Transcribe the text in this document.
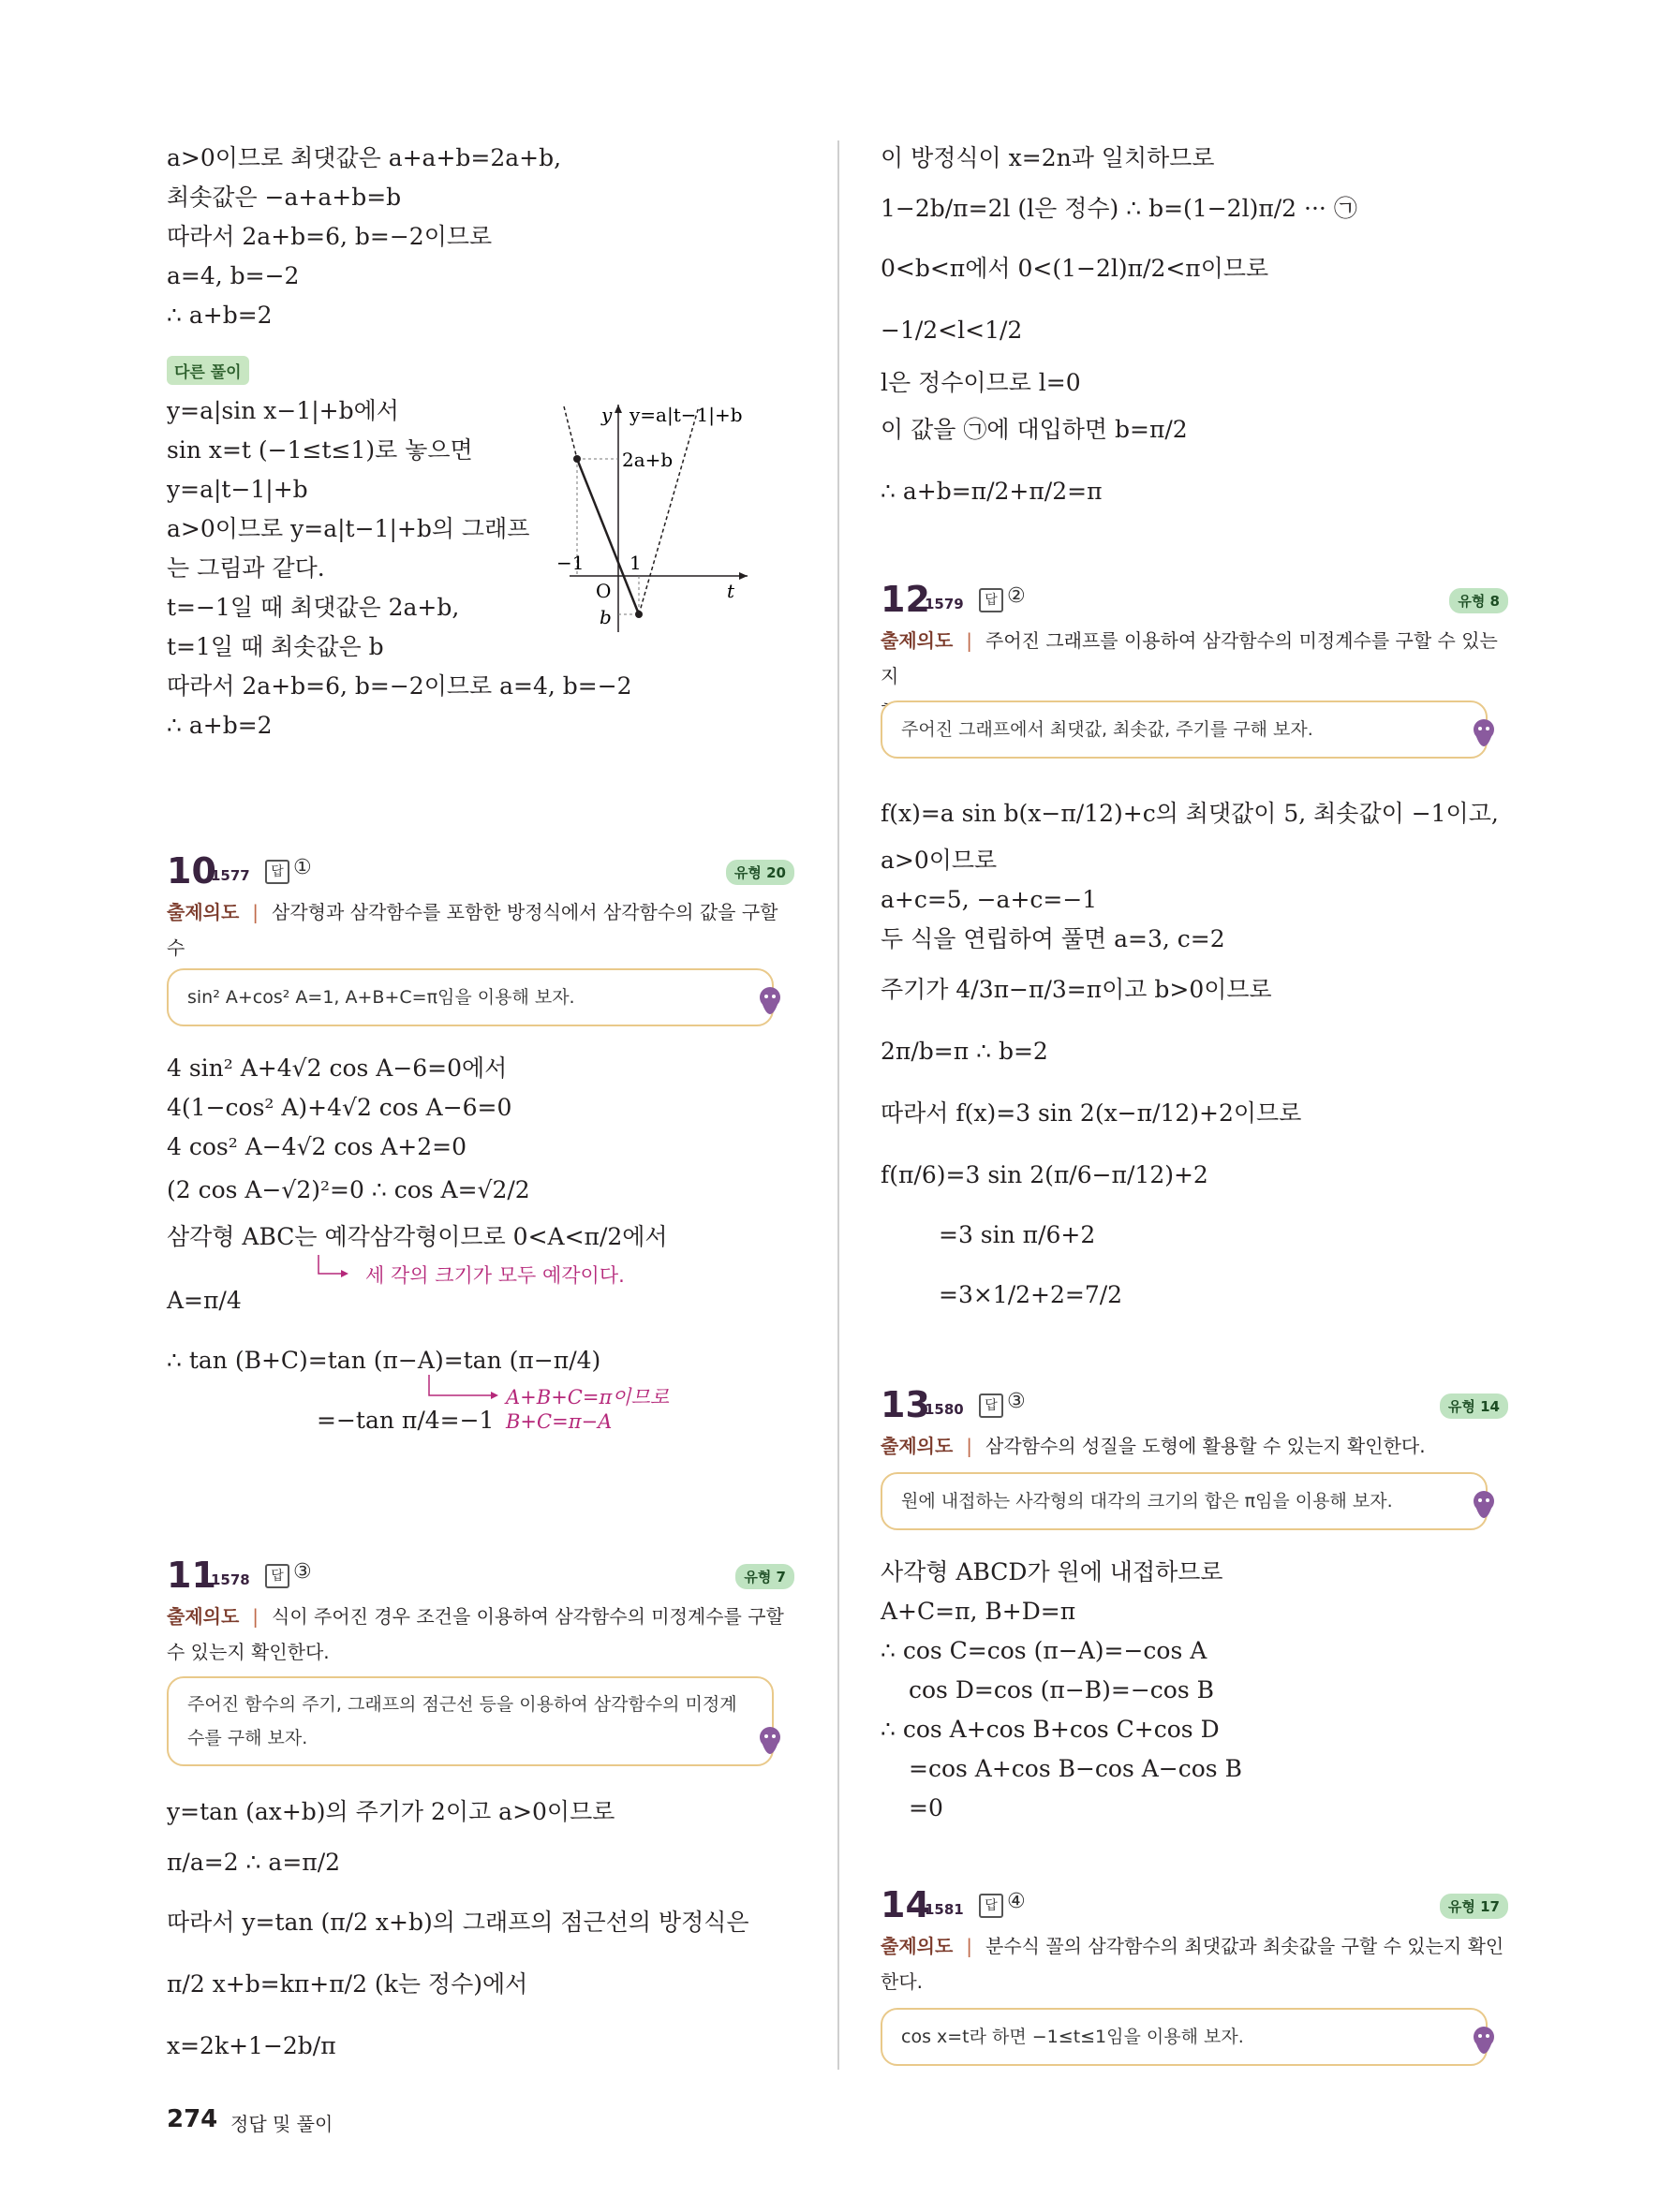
a>0이므로 최댓값은 a+a+b=2a+b,
최솟값은 −a+a+b=b
따라서 2a+b=6, b=−2이므로
a=4, b=−2
∴ a+b=2
다른 풀이
y=a|sin x−1|+b에서
sin x=t (−1≤t≤1)로 놓으면
y=a|t−1|+b
a>0이므로 y=a|t−1|+b의 그래프
는 그림과 같다.
t=−1일 때 최댓값은 2a+b,
t=1일 때 최솟값은 b
따라서 2a+b=6, b=−2이므로 a=4, b=−2
∴ a+b=2
y y=a|t−1|+b
2a+b
−1 1
O	t
b
10
1577	답 ①	유형 20
출제의도 | 삼각형과 삼각함수를 포함한 방정식에서 삼각함수의 값을 구할 수

sin² A+cos² A=1, A+B+C=π임을 이용해 보자.
4 sin² A+4√2 cos A−6=0에서
4(1−cos² A)+4√2 cos A−6=0
4 cos² A−4√2 cos A+2=0
(2 cos A−√2)²=0 ∴ cos A=√2/2
삼각형 ABC는 예각삼각형이므로 0<A<π/2에서
세 각의 크기가 모두 예각이다.
A=π/4
∴ tan (B+C)=tan (π−A)=tan (π−π/4)
=−tan π/4=−1
A+B+C=π이므로
B+C=π−A
11
1578	답 ③	유형 7
출제의도 | 식이 주어진 경우 조건을 이용하여 삼각함수의 미정계수를 구할
수 있는지 확인한다.
주어진 함수의 주기, 그래프의 점근선 등을 이용하여 삼각함수의 미정계
수를 구해 보자.
y=tan (ax+b)의 주기가 2이고 a>0이므로
π/a=2 ∴ a=π/2
따라서 y=tan (π/2 x+b)의 그래프의 점근선의 방정식은
π/2 x+b=kπ+π/2 (k는 정수)에서
x=2k+1−2b/π
이 방정식이 x=2n과 일치하므로
1−2b/π=2l (l은 정수) ∴ b=(1−2l)π/2 ··· ㉠
0<b<π에서 0<(1−2l)π/2<π이므로
−1/2<l<1/2
l은 정수이므로 l=0
이 값을 ㉠에 대입하면 b=π/2
∴ a+b=π/2+π/2=π
12
1579	답 ②	유형 8
출제의도 | 주어진 그래프를 이용하여 삼각함수의 미정계수를 구할 수 있는지

주어진 그래프에서 최댓값, 최솟값, 주기를 구해 보자.
f(x)=a sin b(x−π/12)+c의 최댓값이 5, 최솟값이 −1이고,
a>0이므로
a+c=5, −a+c=−1
두 식을 연립하여 풀면 a=3, c=2
주기가 4/3π−π/3=π이고 b>0이므로
2π/b=π ∴ b=2
따라서 f(x)=3 sin 2(x−π/12)+2이므로
f(π/6)=3 sin 2(π/6−π/12)+2
=3 sin π/6+2
=3×1/2+2=7/2
13
1580	답 ③	유형 14
출제의도 | 삼각함수의 성질을 도형에 활용할 수 있는지 확인한다.
원에 내접하는 사각형의 대각의 크기의 합은 π임을 이용해 보자.
사각형 ABCD가 원에 내접하므로
A+C=π, B+D=π
∴ cos C=cos (π−A)=−cos A
cos D=cos (π−B)=−cos B
∴ cos A+cos B+cos C+cos D
=cos A+cos B−cos A−cos B
=0
14
1581	답 ④	유형 17
출제의도 | 분수식 꼴의 삼각함수의 최댓값과 최솟값을 구할 수 있는지 확인
한다.
cos x=t라 하면 −1≤t≤1임을 이용해 보자.
274 정답 및 풀이
